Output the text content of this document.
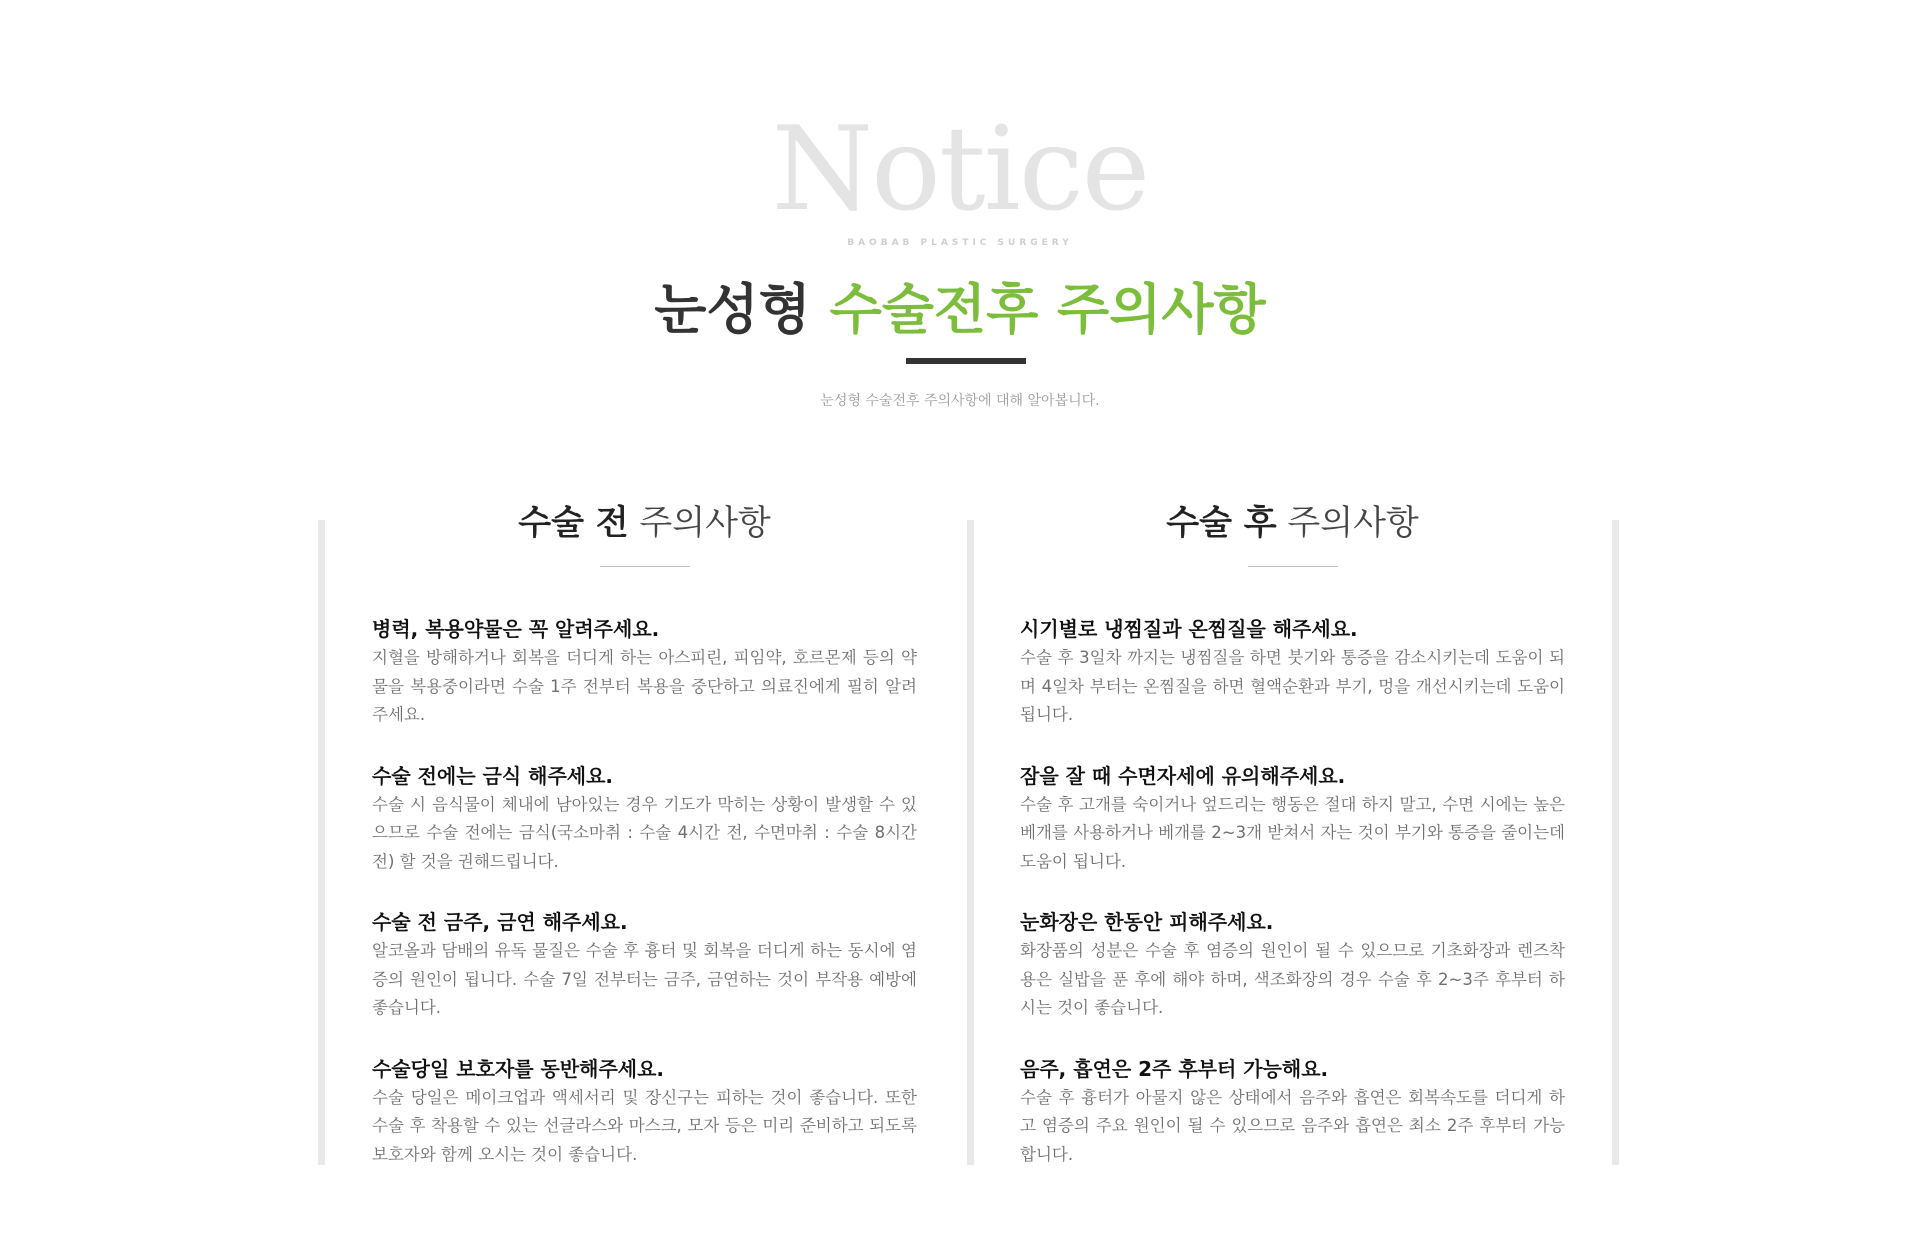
Notice
BAOBAB PLASTIC SURGERY
눈성형 수술전후 주의사항
눈성형 수술전후 주의사항에 대해 알아봅니다.
수술 전 주의사항
병력, 복용약물은 꼭 알려주세요.
지혈을 방해하거나 회복을 더디게 하는 아스피린, 피임약, 호르몬제 등의 약물을 복용중이라면 수술 1주 전부터 복용을 중단하고 의료진에게 필히 알려주세요.
수술 전에는 금식 해주세요.
수술 시 음식물이 체내에 남아있는 경우 기도가 막히는 상황이 발생할 수 있으므로 수술 전에는 금식(국소마취 : 수술 4시간 전, 수면마취 : 수술 8시간 전) 할 것을 권해드립니다.
수술 전 금주, 금연 해주세요.
알코올과 담배의 유독 물질은 수술 후 흉터 및 회복을 더디게 하는 동시에 염증의 원인이 됩니다. 수술 7일 전부터는 금주, 금연하는 것이 부작용 예방에 좋습니다.
수술당일 보호자를 동반해주세요.
수술 당일은 메이크업과 액세서리 및 장신구는 피하는 것이 좋습니다. 또한 수술 후 착용할 수 있는 선글라스와 마스크, 모자 등은 미리 준비하고 되도록 보호자와 함께 오시는 것이 좋습니다.
수술 후 주의사항
시기별로 냉찜질과 온찜질을 해주세요.
수술 후 3일차 까지는 냉찜질을 하면 붓기와 통증을 감소시키는데 도움이 되며 4일차 부터는 온찜질을 하면 혈액순환과 부기, 멍을 개선시키는데 도움이 됩니다.
잠을 잘 때 수면자세에 유의해주세요.
수술 후 고개를 숙이거나 엎드리는 행동은 절대 하지 말고, 수면 시에는 높은 베개를 사용하거나 베개를 2~3개 받쳐서 자는 것이 부기와 통증을 줄이는데 도움이 됩니다.
눈화장은 한동안 피해주세요.
화장품의 성분은 수술 후 염증의 원인이 될 수 있으므로 기초화장과 렌즈착용은 실밥을 푼 후에 해야 하며, 색조화장의 경우 수술 후 2~3주 후부터 하시는 것이 좋습니다.
음주, 흡연은 2주 후부터 가능해요.
수술 후 흉터가 아물지 않은 상태에서 음주와 흡연은 회복속도를 더디게 하고 염증의 주요 원인이 될 수 있으므로 음주와 흡연은 최소 2주 후부터 가능 합니다.
